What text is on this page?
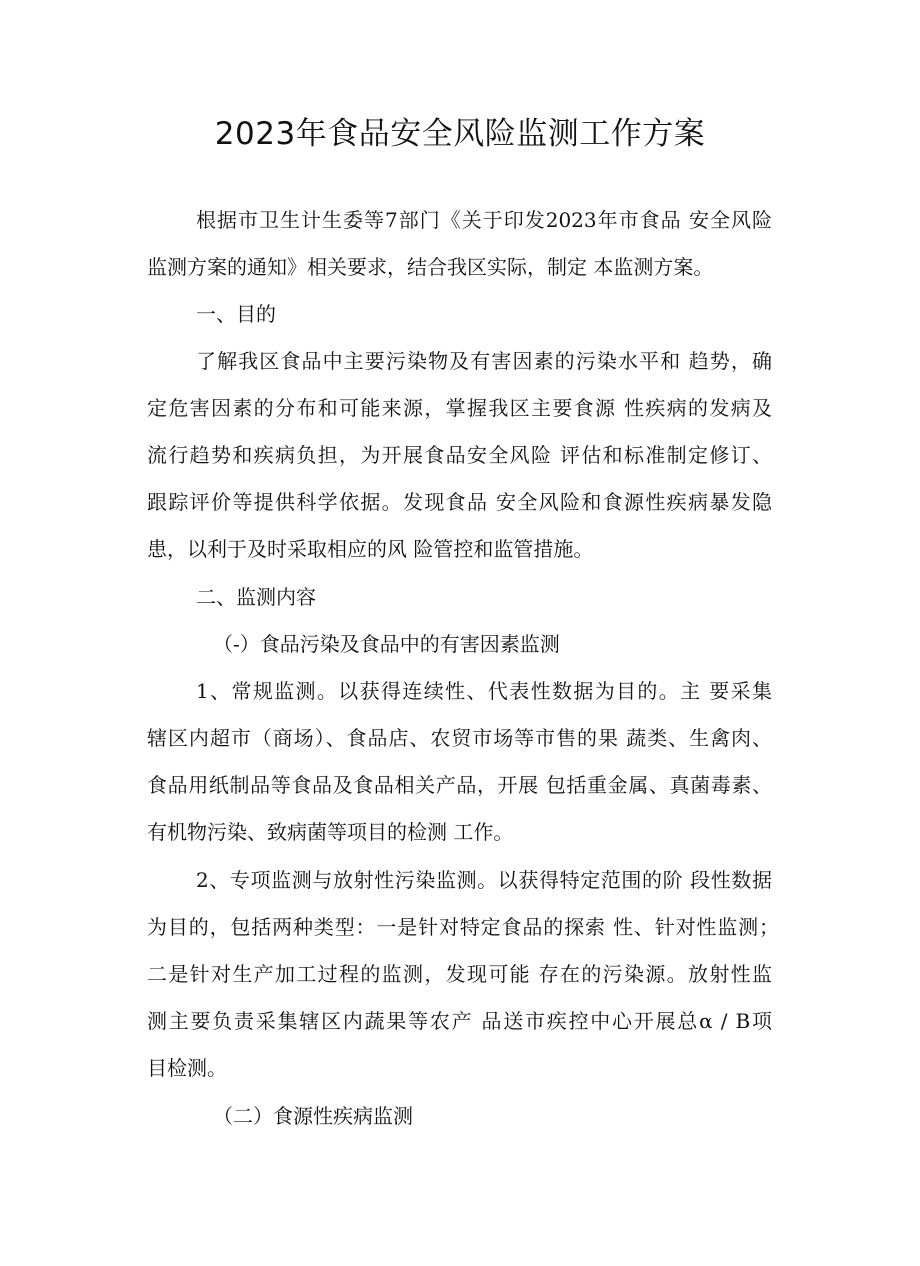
2023年食品安全风险监测工作方案
根据市卫生计生委等7部门《关于印发2023年市食品 安全风险
监测方案的通知》相关要求，结合我区实际，制定 本监测方案。
一、目的
了解我区食品中主要污染物及有害因素的污染水平和 趋势，确
定危害因素的分布和可能来源，掌握我区主要食源 性疾病的发病及
流行趋势和疾病负担，为开展食品安全风险 评估和标准制定修订、
跟踪评价等提供科学依据。发现食品 安全风险和食源性疾病暴发隐
患，以利于及时采取相应的风 险管控和监管措施。
二、监测内容
（-）食品污染及食品中的有害因素监测
1、常规监测。以获得连续性、代表性数据为目的。主 要采集
辖区内超市（商场）、食品店、农贸市场等市售的果 蔬类、生禽肉、
食品用纸制品等食品及食品相关产品，开展 包括重金属、真菌毒素、
有机物污染、致病菌等项目的检测 工作。
2、专项监测与放射性污染监测。以获得特定范围的阶 段性数据
为目的，包括两种类型：一是针对特定食品的探索 性、针对性监测；
二是针对生产加工过程的监测，发现可能 存在的污染源。放射性监
测主要负责采集辖区内蔬果等农产 品送市疾控中心开展总α / B项
目检测。
（二）食源性疾病监测
